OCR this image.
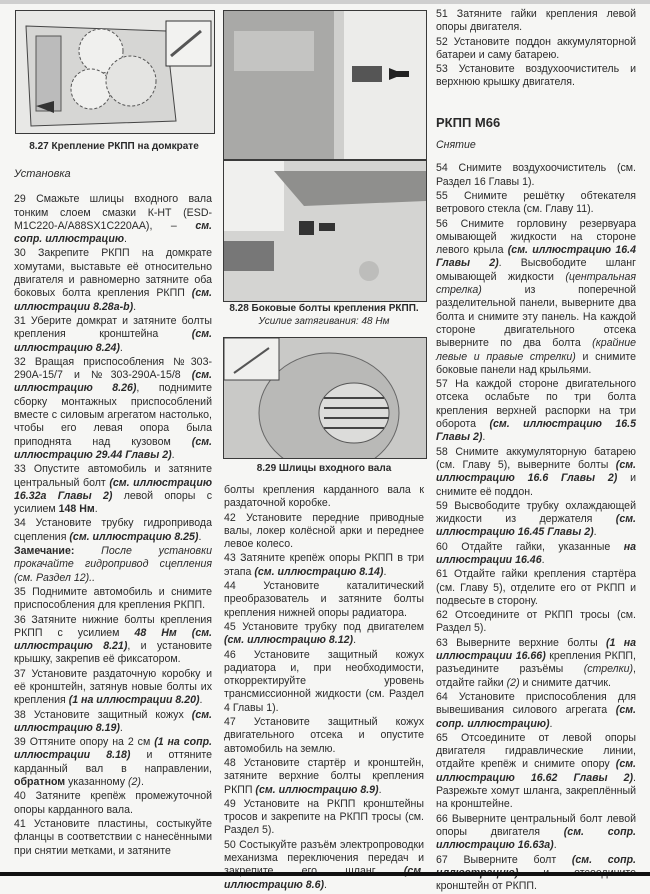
8.27 Крепление РКПП на домкрате
8.28 Боковые болты крепления РКПП. Усилие затягивания: 48 Нм
8.29 Шлицы входного вала
Установка

29 Смажьте шлицы входного вала тонким слоем смазки К-НТ (ESD-M1C220-A/A88SX1C220AA), – см. сопр. иллюстрацию.

30 Закрепите РКПП на домкрате хомутами, выставьте её относительно двигателя и равномерно затяните оба боковых болта крепления РКПП (см. иллюстрации 8.28a-b).

31 Уберите домкрат и затяните болты крепления кронштейна (см. иллюстрацию 8.24).

32 Вращая приспособления №303-290A-15/7 и №303-290A-15/8 (см. иллюстрацию 8.26), поднимите сборку монтажных приспособлений вместе с силовым агрегатом настолько, чтобы его левая опора была приподнята над кузовом (см. иллюстрацию 29.44 Главы 2).

33 Опустите автомобиль и затяните центральный болт (см. иллюстрацию 16.32a Главы 2) левой опоры с усилием 148 Нм.

34 Установите трубку гидропривода сцепления (см. иллюстрацию 8.25).

Замечание: После установки прокачайте гидропривод сцепления (см. Раздел 12)..

35 Поднимите автомобиль и снимите приспособления для крепления РКПП.

36 Затяните нижние болты крепления РКПП с усилием 48 Нм (см. иллюстрацию 8.21), и установите крышку, закрепив её фиксатором.

37 Установите раздаточную коробку и её кронштейн, затянув новые болты их крепления (1 на иллюстрации 8.20).

38 Установите защитный кожух (см. иллюстрацию 8.19).

39 Оттяните опору на 2 см (1 на сопр. иллюстрации 8.18) и оттяните карданный вал в направлении, обратном указанному (2).

40 Затяните крепёж промежуточной опоры карданного вала.

41 Установите пластины, состыкуйте фланцы в соответствии с нанесёнными при снятии метками, и затяните

болты крепления карданного вала к раздаточной коробке.

42 Установите передние приводные валы, локер колёсной арки и переднее левое колесо.

43 Затяните крепёж опоры РКПП в три этапа (см. иллюстрацию 8.14).

44 Установите каталитический преобразователь и затяните болты крепления нижней опоры радиатора.

45 Установите трубку под двигателем (см. иллюстрацию 8.12).

46 Установите защитный кожух радиатора и, при необходимости, откорректируйте уровень трансмиссионной жидкости (см. Раздел 4 Главы 1).

47 Установите защитный кожух двигательного отсека и опустите автомобиль на землю.

48 Установите стартёр и кронштейн, затяните верхние болты крепления РКПП (см. иллюстрацию 8.9).

49 Установите на РКПП кронштейны тросов и закрепите на РКПП тросы (см. Раздел 5).

50 Состыкуйте разъём электропроводки механизма переключения передач и иллюстрацию 8.6).

51 Затяните гайки крепления левой опоры двигателя.

52 Установите поддон аккумуляторной батареи и саму батарею.

53 Установите воздухоочиститель и верхнюю крышку двигателя.

РКПП M66
Снятие

54 Снимите воздухоочиститель (см. Раздел 16 Главы 1).

55 Снимите решётку обтекателя ветрового стекла (см. Главу 11).

56 Снимите горловину резервуара омывающей жидкости на стороне левого крыла (см. иллюстрацию 16.4 Главы 2). Высвободите шланг омывающей жидкости (центральная стрелка) из поперечной разделительной панели, выверните два болта и снимите эту панель. На каждой стороне двигательного отсека выверните по два болта (крайние левые и правые стрелки) и снимите боковые панели над крыльями.

57 На каждой стороне двигательного отсека ослабьте по три болта крепления верхней распорки на три оборота (см. иллюстрацию 16.5 Главы 2).

58 Снимите аккумуляторную батарею (см. Главу 5), выверните болты (см. иллюстрацию 16.6 Главы 2) и снимите её поддон.

59 Высвободите трубку охлаждающей жидкости из держателя (см. иллюстрацию 16.45 Главы 2).

60 Отдайте гайки, указанные на иллюстрации 16.46.

61 Отдайте гайки крепления стартёра (см. Главу 5), отделите его от РКПП и подвесьте в сторону.

62 Отсоедините от РКПП тросы (см. Раздел 5).

63 Выверните верхние болты (1 на иллюстрации 16.66) крепления РКПП, разъедините разъёмы (стрелки), отдайте гайки (2) и снимите датчик.

64 Установите приспособления для вывешивания силового агрегата (см. сопр. иллюстрацию).

65 Отсоедините от левой опоры двигателя гидравлические линии, отдайте крепёж и снимите опору (см. иллюстрацию 16.62 Главы 2). Разрежьте хомут шланга, закреплённый на кронштейне.

66 Выверните центральный болт левой опоры двигателя (см. сопр. иллюстрацию 16.63a).

67 Выверните болт (см. сопр. кронштейн от РКПП.
